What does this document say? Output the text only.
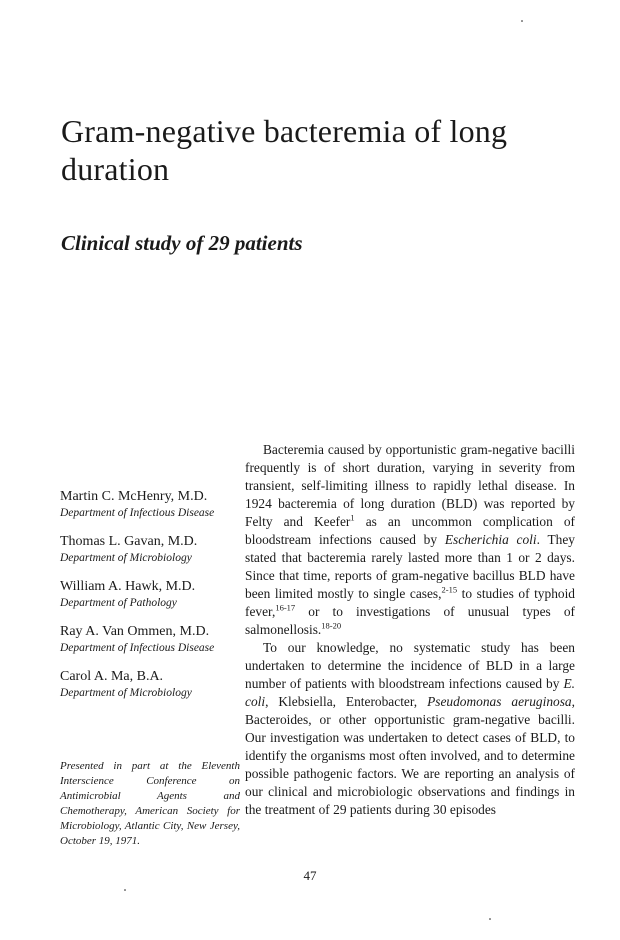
Gram-negative bacteremia of long duration
Clinical study of 29 patients
Martin C. McHenry, M.D.
Department of Infectious Disease
Thomas L. Gavan, M.D.
Department of Microbiology
William A. Hawk, M.D.
Department of Pathology
Ray A. Van Ommen, M.D.
Department of Infectious Disease
Carol A. Ma, B.A.
Department of Microbiology

Presented in part at the Eleventh Interscience Conference on Antimicrobial Agents and Chemotherapy, American Society for Microbiology, Atlantic City, New Jersey, October 19, 1971.

Bacteremia caused by opportunistic gram-negative bacilli frequently is of short duration, varying in severity from transient, self-limiting illness to rapidly lethal disease. In 1924 bacteremia of long duration (BLD) was reported by Felty and Keefer$^1$ as an uncommon complication of bloodstream infections caused by Escherichia coli. They stated that bacteremia rarely lasted more than 1 or 2 days. Since that time, reports of gram-negative bacillus BLD have been limited mostly to single cases,$^{2-15}$ to studies of typhoid fever,$^{16-17}$ or to investigations of unusual types of salmonellosis.$^{18-20}$

To our knowledge, no systematic study has been undertaken to determine the incidence of BLD in a large number of patients with bloodstream infections caused by E. coli, Klebsiella, Enterobacter, Pseudomonas aeruginosa, Bacteroides, or other opportunistic gram-negative bacilli. Our investigation was undertaken to detect cases of BLD, to identify the organisms most often involved, and to determine possible pathogenic factors. We are reporting an analysis of our clinical and microbiologic observations and findings in the treatment of 29 patients during 30 episodes

47
